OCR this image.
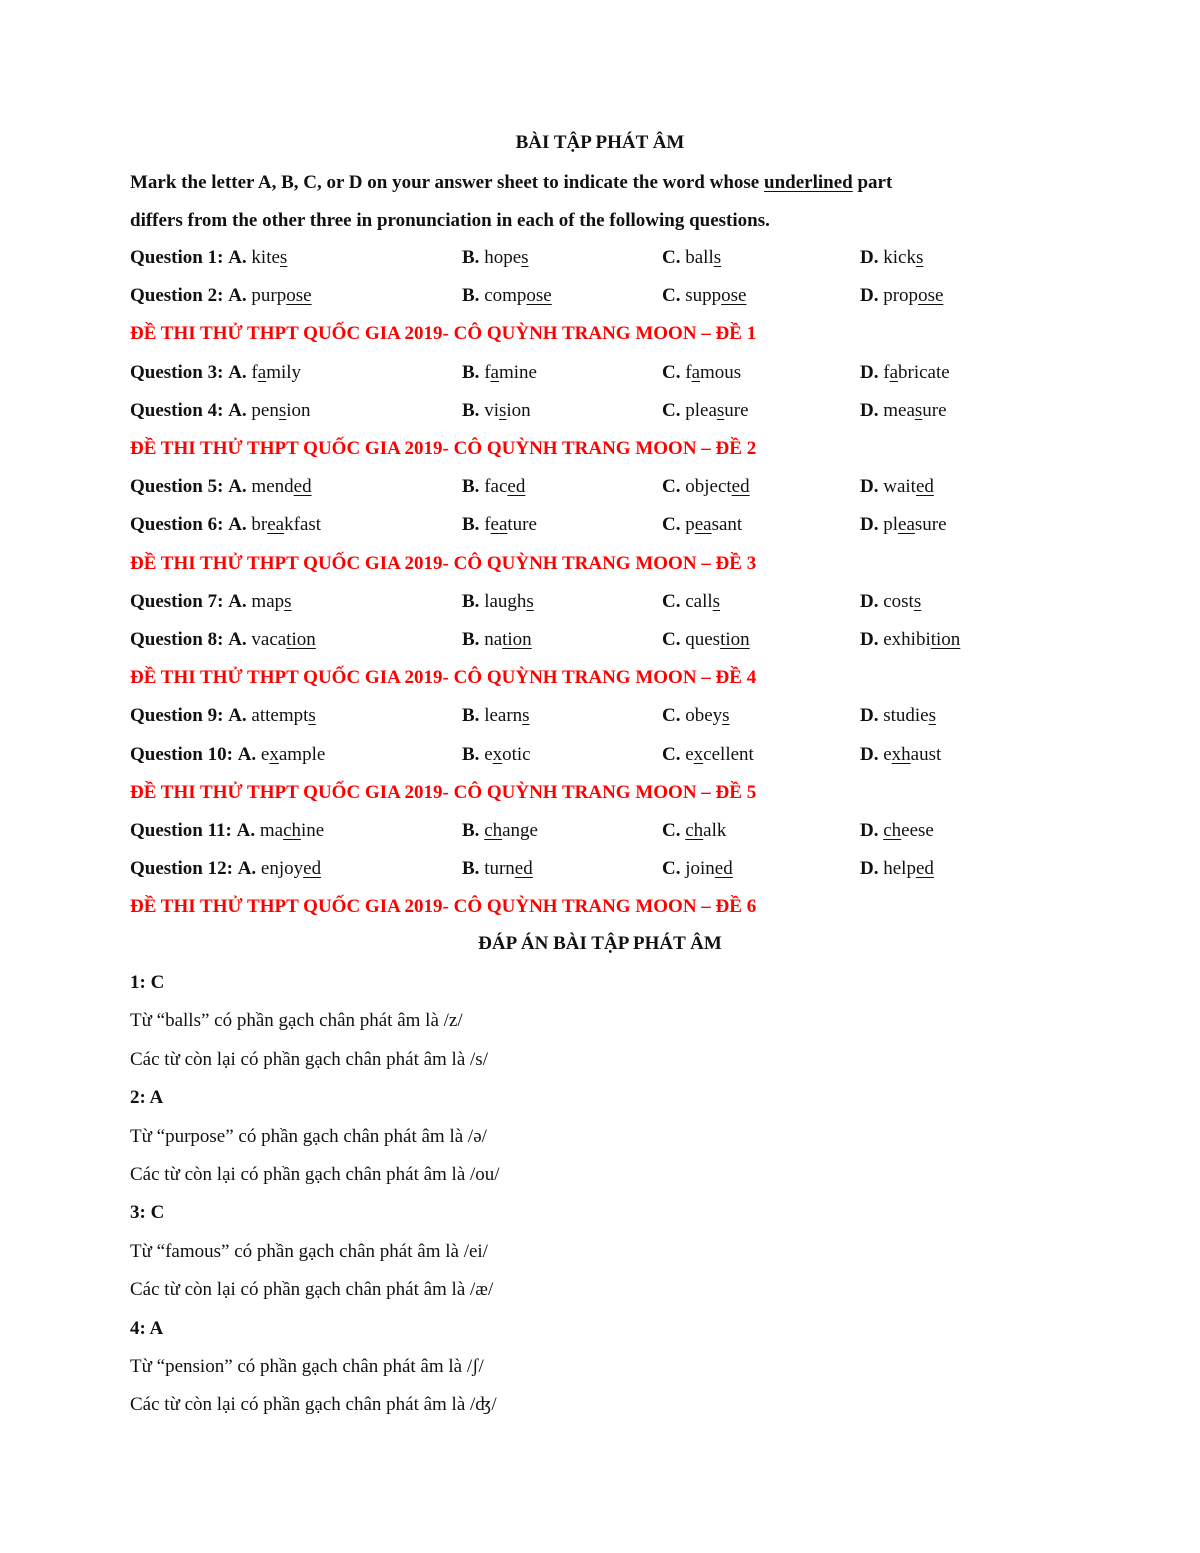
BÀI TẬP PHÁT ÂM
Mark the letter A, B, C, or D on your answer sheet to indicate the word whose underlined part
differs from the other three in pronunciation in each of the following questions.
Question 1: A. kites	B. hopes	C. balls	D. kicks
Question 2: A. purpose	B. compose	C. suppose	D. propose
ĐỀ THI THỬ THPT QUỐC GIA 2019- CÔ QUỲNH TRANG MOON – ĐỀ 1
Question 3: A. family	B. famine	C. famous	D. fabricate
Question 4: A. pension	B. vision	C. pleasure	D. measure
ĐỀ THI THỬ THPT QUỐC GIA 2019- CÔ QUỲNH TRANG MOON – ĐỀ 2
Question 5: A. mended	B. faced	C. objected	D. waited
Question 6: A. breakfast	B. feature	C. peasant	D. pleasure
ĐỀ THI THỬ THPT QUỐC GIA 2019- CÔ QUỲNH TRANG MOON – ĐỀ 3
Question 7: A. maps	B. laughs	C. calls	D. costs
Question 8: A. vacation	B. nation	C. question	D. exhibition
ĐỀ THI THỬ THPT QUỐC GIA 2019- CÔ QUỲNH TRANG MOON – ĐỀ 4
Question 9: A. attempts	B. learns	C. obeys	D. studies
Question 10: A. example	B. exotic	C. excellent	D. exhaust
ĐỀ THI THỬ THPT QUỐC GIA 2019- CÔ QUỲNH TRANG MOON – ĐỀ 5
Question 11: A. machine	B. change	C. chalk	D. cheese
Question 12: A. enjoyed	B. turned	C. joined	D. helped
ĐỀ THI THỬ THPT QUỐC GIA 2019- CÔ QUỲNH TRANG MOON – ĐỀ 6
ĐÁP ÁN BÀI TẬP PHÁT ÂM
1: C
Từ “balls” có phần gạch chân phát âm là /z/
Các từ còn lại có phần gạch chân phát âm là /s/
2: A
Từ “purpose” có phần gạch chân phát âm là /ə/
Các từ còn lại có phần gạch chân phát âm là /ou/
3: C
Từ “famous” có phần gạch chân phát âm là /ei/
Các từ còn lại có phần gạch chân phát âm là /æ/
4: A
Từ “pension” có phần gạch chân phát âm là /ʃ/
Các từ còn lại có phần gạch chân phát âm là /ʤ/
